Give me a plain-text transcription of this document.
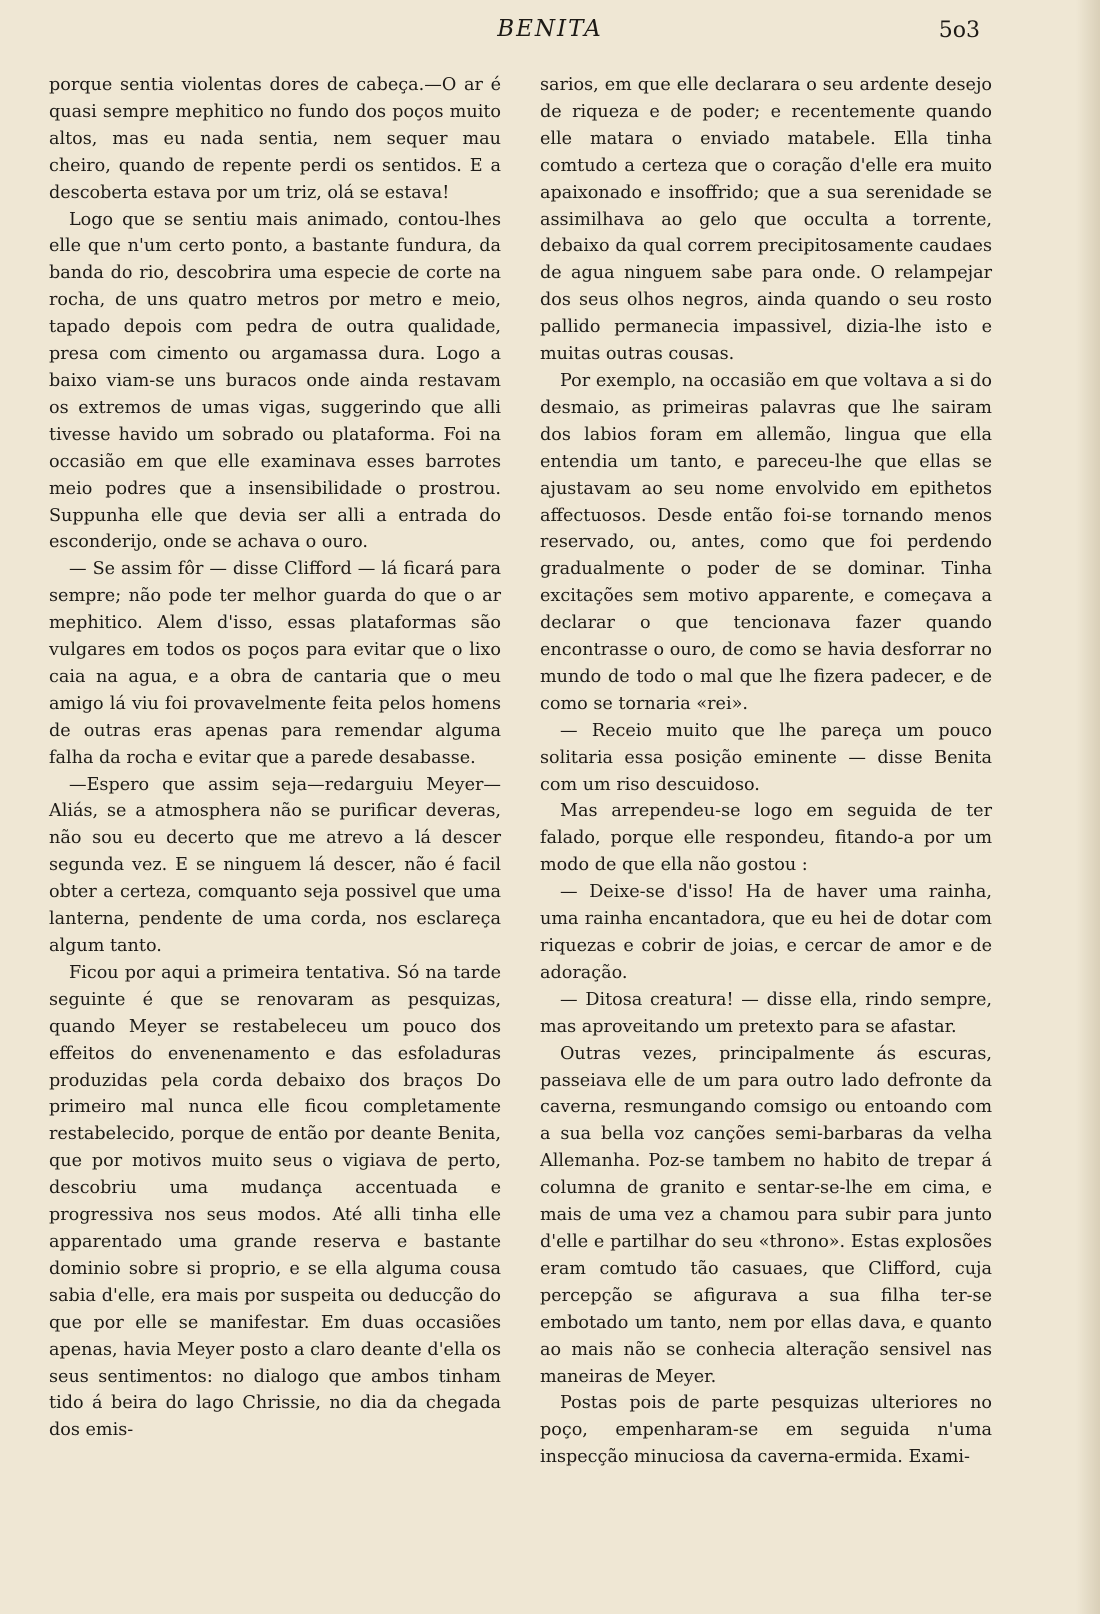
BENITA	5o3

porque sentia violentas dores de cabeça.—O ar é quasi sempre mephitico no fundo dos poços muito altos, mas eu nada sentia, nem sequer mau cheiro, quando de repente perdi os sentidos. E a descoberta estava por um triz, olá se estava!

Logo que se sentiu mais animado, contou-lhes elle que n'um certo ponto, a bastante fundura, da banda do rio, descobrira uma especie de corte na rocha, de uns quatro metros por metro e meio, tapado depois com pedra de outra qualidade, presa com cimento ou argamassa dura. Logo a baixo viam-se uns buracos onde ainda restavam os extremos de umas vigas, suggerindo que alli tivesse havido um sobrado ou plataforma. Foi na occasião em que elle examinava esses barrotes meio podres que a insensibilidade o prostrou. Suppunha elle que devia ser alli a entrada do esconderijo, onde se achava o ouro.

— Se assim fôr — disse Clifford — lá ficará para sempre; não pode ter melhor guarda do que o ar mephitico. Alem d'isso, essas plataformas são vulgares em todos os poços para evitar que o lixo caia na agua, e a obra de cantaria que o meu amigo lá viu foi provavelmente feita pelos homens de outras eras apenas para remendar alguma falha da rocha e evitar que a parede desabasse.

—Espero que assim seja—redarguiu Meyer—Aliás, se a atmosphera não se purificar deveras, não sou eu decerto que me atrevo a lá descer segunda vez. E se ninguem lá descer, não é facil obter a certeza, comquanto seja possivel que uma lanterna, pendente de uma corda, nos esclareça algum tanto.

Ficou por aqui a primeira tentativa. Só na tarde seguinte é que se renovaram as pesquizas, quando Meyer se restabeleceu um pouco dos effeitos do envenenamento e das esfoladuras produzidas pela corda debaixo dos braços Do primeiro mal nunca elle ficou completamente restabelecido, porque de então por deante Benita, que por motivos muito seus o vigiava de perto, descobriu uma mudança accentuada e progressiva nos seus modos. Até alli tinha elle apparentado uma grande reserva e bastante dominio sobre si proprio, e se ella alguma cousa sabia d'elle, era mais por suspeita ou deducção do que por elle se manifestar. Em duas occasiões apenas, havia Meyer posto a claro deante d'ella os seus sentimentos: no dialogo que ambos tinham tido á beira do lago Chrissie, no dia da chegada dos emis-

sarios, em que elle declarara o seu ardente desejo de riqueza e de poder; e recentemente quando elle matara o enviado matabele. Ella tinha comtudo a certeza que o coração d'elle era muito apaixonado e insoffrido; que a sua serenidade se assimilhava ao gelo que occulta a torrente, debaixo da qual correm precipitosamente caudaes de agua ninguem sabe para onde. O relampejar dos seus olhos negros, ainda quando o seu rosto pallido permanecia impassivel, dizia-lhe isto e muitas outras cousas.

Por exemplo, na occasião em que voltava a si do desmaio, as primeiras palavras que lhe sairam dos labios foram em allemão, lingua que ella entendia um tanto, e pareceu-lhe que ellas se ajustavam ao seu nome envolvido em epithetos affectuosos. Desde então foi-se tornando menos reservado, ou, antes, como que foi perdendo gradualmente o poder de se dominar. Tinha excitações sem motivo apparente, e começava a declarar o que tencionava fazer quando encontrasse o ouro, de como se havia desforrar no mundo de todo o mal que lhe fizera padecer, e de como se tornaria «rei».

— Receio muito que lhe pareça um pouco solitaria essa posição eminente — disse Benita com um riso descuidoso.

Mas arrependeu-se logo em seguida de ter falado, porque elle respondeu, fitando-a por um modo de que ella não gostou :

— Deixe-se d'isso! Ha de haver uma rainha, uma rainha encantadora, que eu hei de dotar com riquezas e cobrir de joias, e cercar de amor e de adoração.

— Ditosa creatura! — disse ella, rindo sempre, mas aproveitando um pretexto para se afastar.

Outras vezes, principalmente ás escuras, passeiava elle de um para outro lado defronte da caverna, resmungando comsigo ou entoando com a sua bella voz canções semi-barbaras da velha Allemanha. Poz-se tambem no habito de trepar á columna de granito e sentar-se-lhe em cima, e mais de uma vez a chamou para subir para junto d'elle e partilhar do seu «throno». Estas explosões eram comtudo tão casuaes, que Clifford, cuja percepção se afigurava a sua filha ter-se embotado um tanto, nem por ellas dava, e quanto ao mais não se conhecia alteração sensivel nas maneiras de Meyer.

Postas pois de parte pesquizas ulteriores no poço, empenharam-se em seguida n'uma inspecção minuciosa da caverna-ermida. Exami-
